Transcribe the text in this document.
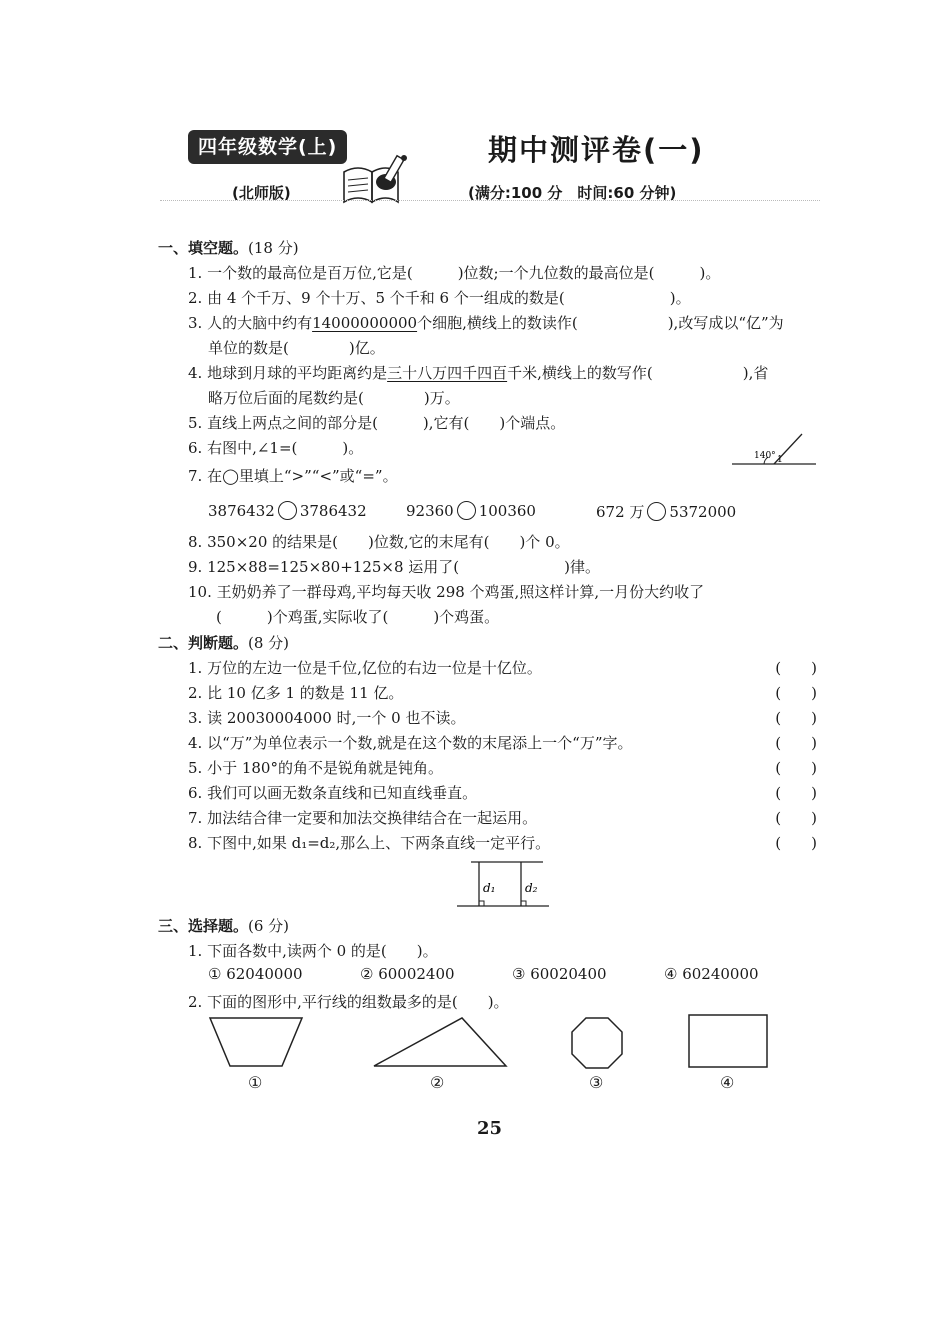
四年级数学(上)
(北师版)
期中测评卷(一)
(满分:100 分　时间:60 分钟)
一、填空题。(18 分)
1. 一个数的最高位是百万位,它是(　　　)位数;一个九位数的最高位是(　　　)。
2. 由 4 个千万、9 个十万、5 个千和 6 个一组成的数是(　　　　　　　)。
3. 人的大脑中约有14000000000个细胞,横线上的数读作(　　　　　　),改写成以“亿”为
单位的数是(　　　　)亿。
4. 地球到月球的平均距离约是三十八万四千四百千米,横线上的数写作(　　　　　　),省
略万位后面的尾数约是(　　　　)万。
5. 直线上两点之间的部分是(　　　),它有(　　)个端点。
6. 右图中,∠1=(　　　)。	140° 1
7. 在◯里填上“>”“<”或“=”。
3876432 3786432	92360 100360	672 万 5372000
8. 350×20 的结果是(　　)位数,它的末尾有(　　)个 0。
9. 125×88=125×80+125×8 运用了(　　　　　　　)律。
10. 王奶奶养了一群母鸡,平均每天收 298 个鸡蛋,照这样计算,一月份大约收了
(　　　)个鸡蛋,实际收了(　　　)个鸡蛋。
二、判断题。(8 分)
1. 万位的左边一位是千位,亿位的右边一位是十亿位。	(　　)
2. 比 10 亿多 1 的数是 11 亿。	(　　)
3. 读 20030004000 时,一个 0 也不读。	(　　)
4. 以“万”为单位表示一个数,就是在这个数的末尾添上一个“万”字。	(　　)
5. 小于 180°的角不是锐角就是钝角。	(　　)
6. 我们可以画无数条直线和已知直线垂直。	(　　)
7. 加法结合律一定要和加法交换律结合在一起运用。	(　　)
8. 下图中,如果 d₁=d₂,那么上、下两条直线一定平行。	(　　)
d₁ d₂
三、选择题。(6 分)
1. 下面各数中,读两个 0 的是(　　)。
① 62040000	② 60002400	③ 60020400	④ 60240000
2. 下面的图形中,平行线的组数最多的是(　　)。
①	②	③	④
25
